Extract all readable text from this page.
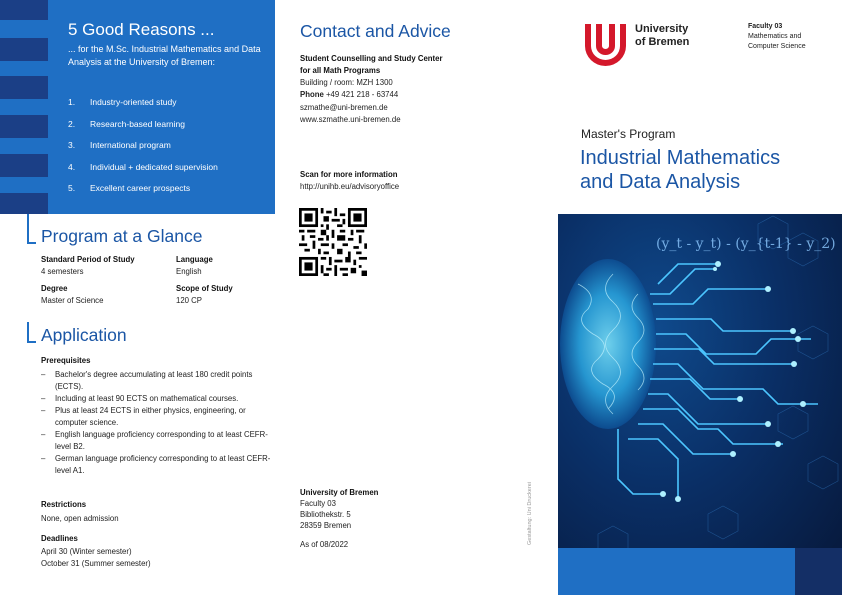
5 Good Reasons ...
... for the M.Sc. Industrial Mathematics and Data Analysis at the University of Bremen:
1. Industry-oriented study
2. Research-based learning
3. International program
4. Individual + dedicated supervision
5. Excellent career prospects
Program at a Glance
Standard Period of Study
4 semesters
Language
English
Degree
Master of Science
Scope of Study
120 CP
Application
Prerequisites
– Bachelor's degree accumulating at least 180 credit points (ECTS).
– Including at least 90 ECTS on mathematical courses.
– Plus at least 24 ECTS in either physics, engineering, or computer science.
– English language proficiency corresponding to at least CEFR-level B2.
– German language proficiency corresponding to at least CEFR-level A1.
Restrictions
None, open admission
Deadlines
April 30 (Winter semester)
October 31 (Summer semester)
Contact and Advice
Student Counselling and Study Center
for all Math Programs
Building / room: MZH 1300
Phone +49 421 218 - 63744
szmathe@uni-bremen.de
www.szmathe.uni-bremen.de
Scan for more information
http://unihb.eu/advisoryoffice
University of Bremen
Faculty 03
Bibliothekstr. 5
28359 Bremen
As of 08/2022	Gestaltung: Uni Druckerei
University
of Bremen
Faculty 03
Mathematics and
Computer Science
Master's Program
Industrial Mathematics
and Data Analysis
(y_t - y_t) - (y_{t-1} - y_2)
